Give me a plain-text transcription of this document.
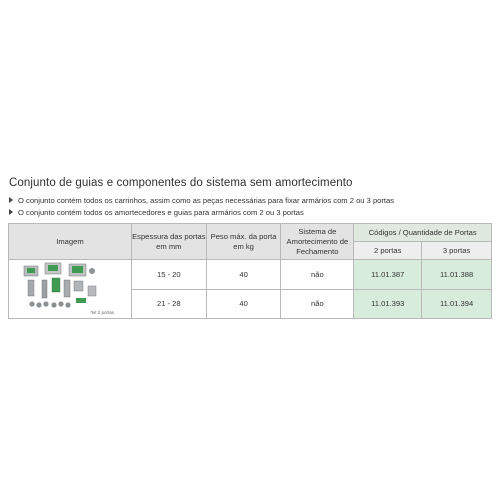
Conjunto de guias e componentes do sistema sem amortecimento
O conjunto contém todos os carrinhos, assim como as peças necessárias para fixar armários com 2 ou 3 portas
O conjunto contém todos os amortecedores e guias para armários com 2 ou 3 portas
Imagem	Espessura das portas em mm	Peso máx. da porta em kg	Sistema de Amortecimento de Fechamento	Códigos / Quantidade de Portas	
				2 portas	3 portas

*kit 2 portas	15 - 20	40	não	11.01.387	11.01.388
	21 - 28	40	não	11.01.393	11.01.394
